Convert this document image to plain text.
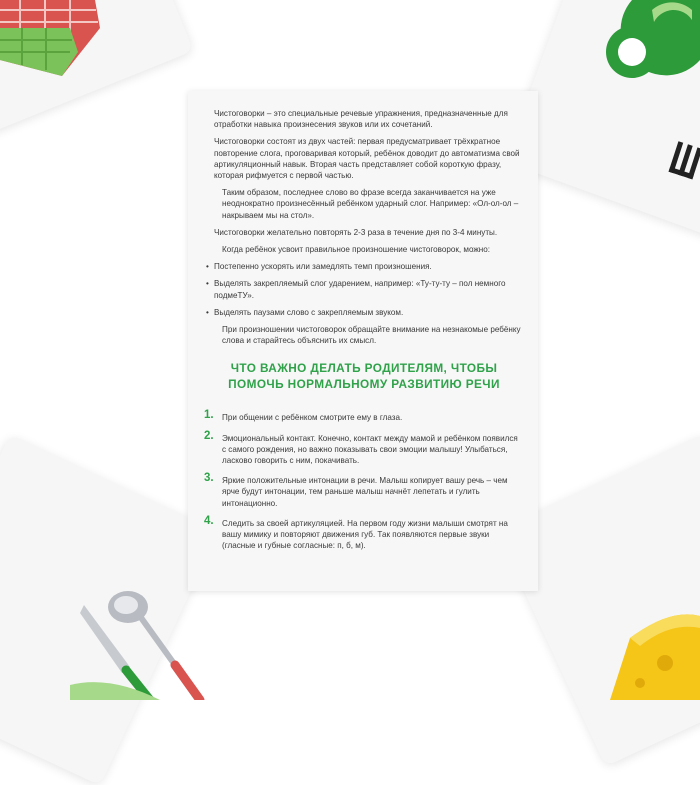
Чистоговорки – это специальные речевые упражнения, предназначенные для отработки навыка произнесения звуков или их сочетаний.

Чистоговорки состоят из двух частей: первая предусматривает трёхкратное повторение слога, проговаривая который, ребёнок доводит до автоматизма свой артикуляционный навык. Вторая часть представляет собой короткую фразу, которая рифмуется с первой частью.

Таким образом, последнее слово во фразе всегда заканчивается на уже неоднократно произнесённый ребёнком ударный слог. Например: «Ол-ол-ол – накрываем мы на стол».

Чистоговорки желательно повторять 2-3 раза в течение дня по 3-4 минуты.

Когда ребёнок усвоит правильное произношение чистоговорок, можно:

• Постепенно ускорять или замедлять темп произношения.

• Выделять закрепляемый слог ударением, например: «Ту-ту-ту – пол немного подмеТУ».

• Выделять паузами слово с закрепляемым звуком.

При произношении чистоговорок обращайте внимание на незнакомые ребёнку слова и старайтесь объяснить их смысл.

ЧТО ВАЖНО ДЕЛАТЬ РОДИТЕЛЯМ, ЧТОБЫ
ПОМОЧЬ НОРМАЛЬНОМУ РАЗВИТИЮ РЕЧИ
1. При общении с ребёнком смотрите ему в глаза.
2. Эмоциональный контакт. Конечно, контакт между мамой и ребёнком появился с самого рождения, но важно показывать свои эмоции малышу! Улыбаться, ласково говорить с ним, покачивать.
3. Яркие положительные интонации в речи. Малыш копирует вашу речь – чем ярче будут интонации, тем раньше малыш начнёт лепетать и гулить интонационно.
4. Следить за своей артикуляцией. На первом году жизни малыши смотрят на вашу мимику и повторяют движения губ. Так появляются первые звуки (гласные и губные согласные: п, б, м).
